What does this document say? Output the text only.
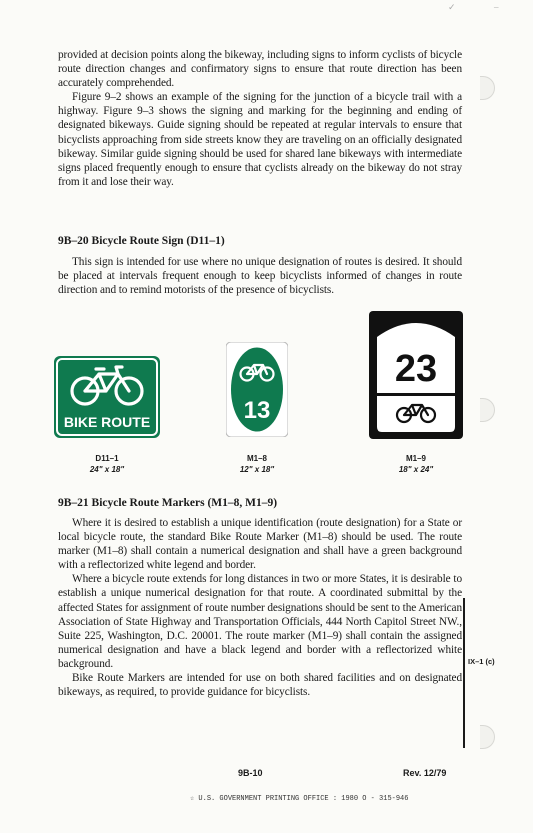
✓	–

provided at decision points along the bikeway, including signs to inform cyclists of bicycle route direction changes and confirmatory signs to ensure that route direction has been accurately comprehended.

Figure 9–2 shows an example of the signing for the junction of a bicycle trail with a highway. Figure 9–3 shows the signing and marking for the beginning and ending of designated bikeways. Guide signing should be repeated at regular intervals to ensure that bicyclists approaching from side streets know they are traveling on an officially designated bikeway. Similar guide signing should be used for shared lane bikeways with intermediate signs placed frequently enough to ensure that cyclists already on the bikeway do not stray from it and lose their way.

9B–20 Bicycle Route Sign (D11–1)

This sign is intended for use where no unique designation of routes is desired. It should be placed at intervals frequent enough to keep bicyclists informed of changes in route direction and to remind motorists of the presence of bicyclists.

BIKE ROUTE
D11–1
24" x 18"
13
M1–8
12" x 18"
23
M1–9
18" x 24"
9B–21 Bicycle Route Markers (M1–8, M1–9)

Where it is desired to establish a unique identification (route designation) for a State or local bicycle route, the standard Bike Route Marker (M1–8) should be used. The route marker (M1–8) shall contain a numerical designation and shall have a green background with a reflectorized white legend and border.

Where a bicycle route extends for long distances in two or more States, it is desirable to establish a unique numerical designation for that route. A coordinated submittal by the affected States for assignment of route number designations should be sent to the American Association of State Highway and Transportation Officials, 444 North Capitol Street NW., Suite 225, Washington, D.C. 20001. The route marker (M1–9) shall contain the assigned numerical designation and have a black legend and border with a reflectorized white background.

Bike Route Markers are intended for use on both shared facilities and on designated bikeways, as required, to provide guidance for bicyclists.

IX–1 (c)
9B-10	Rev. 12/79
☆ U.S. GOVERNMENT PRINTING OFFICE : 1980 O - 315-946
